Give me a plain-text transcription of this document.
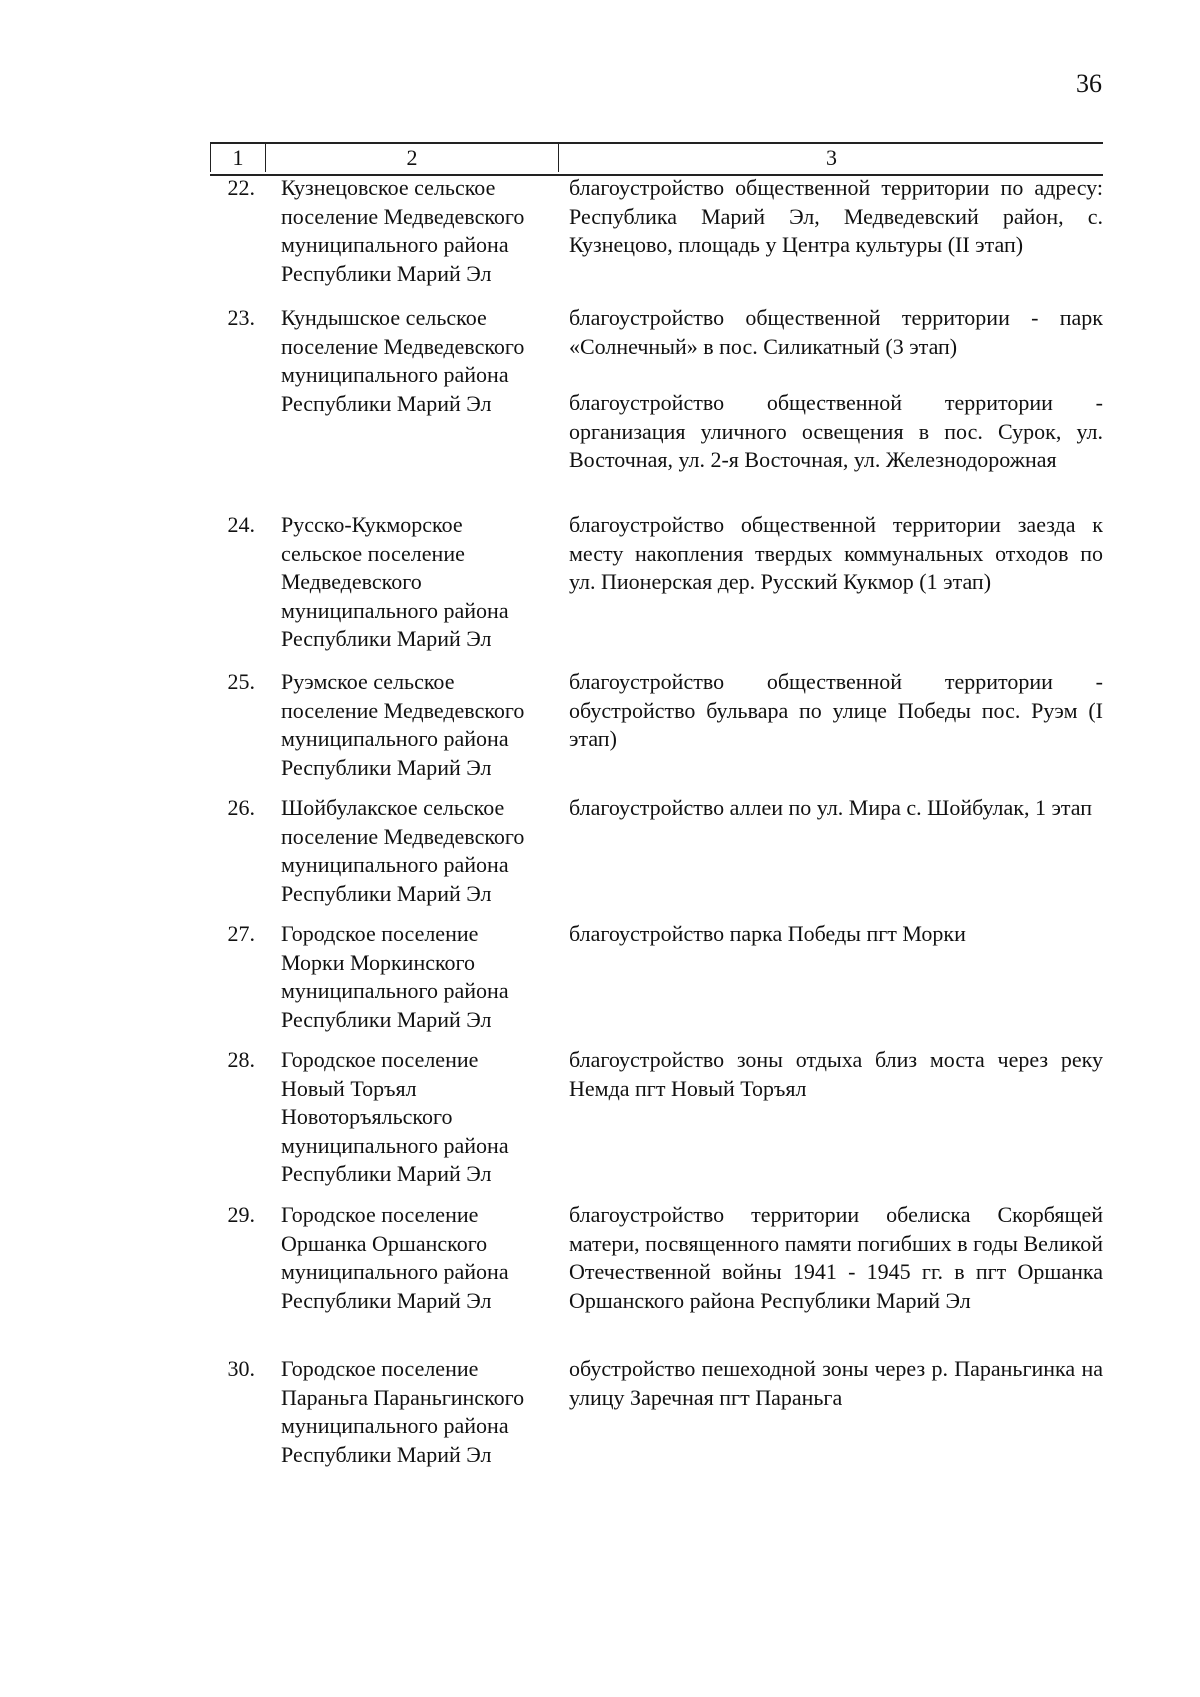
36
1	2	3
22. Кузнецовское сельское
поселение Медведевского
муниципального района
Республики Марий Эл
благоустройство общественной территории по адресу: Республика Марий Эл, Медведевский район, с. Кузнецово, площадь у Центра культуры (II этап)
23. Кундышское сельское
поселение Медведевского
муниципального района
Республики Марий Эл
благоустройство общественной территории - парк «Солнечный» в пос. Силикатный (3 этап)
благоустройство общественной территории - организация уличного освещения в пос. Сурок, ул. Восточная, ул. 2-я Восточная, ул. Железнодорожная
24. Русско-Кукморское
сельское поселение
Медведевского
муниципального района
Республики Марий Эл
благоустройство общественной территории заезда к месту накопления твердых коммунальных отходов по ул. Пионерская дер. Русский Кукмор (1 этап)
25. Руэмское сельское
поселение Медведевского
муниципального района
Республики Марий Эл
благоустройство общественной территории - обустройство бульвара по улице Победы пос. Руэм (I этап)
26. Шойбулакское сельское
поселение Медведевского
муниципального района
Республики Марий Эл
благоустройство аллеи по ул. Мира с. Шойбулак, 1 этап
27. Городское поселение
Морки Моркинского
муниципального района
Республики Марий Эл
благоустройство парка Победы пгт Морки
28. Городское поселение
Новый Торъял
Новоторъяльского
муниципального района
Республики Марий Эл
благоустройство зоны отдыха близ моста через реку Немда пгт Новый Торъял
29. Городское поселение
Оршанка Оршанского
муниципального района
Республики Марий Эл
благоустройство территории обелиска Скорбящей матери, посвященного памяти погибших в годы Великой Отечественной войны 1941 - 1945 гг. в пгт Оршанка Оршанского района Республики Марий Эл
30. Городское поселение
Параньга Параньгинского
муниципального района
Республики Марий Эл
обустройство пешеходной зоны через р. Параньгинка на улицу Заречная пгт Параньга
